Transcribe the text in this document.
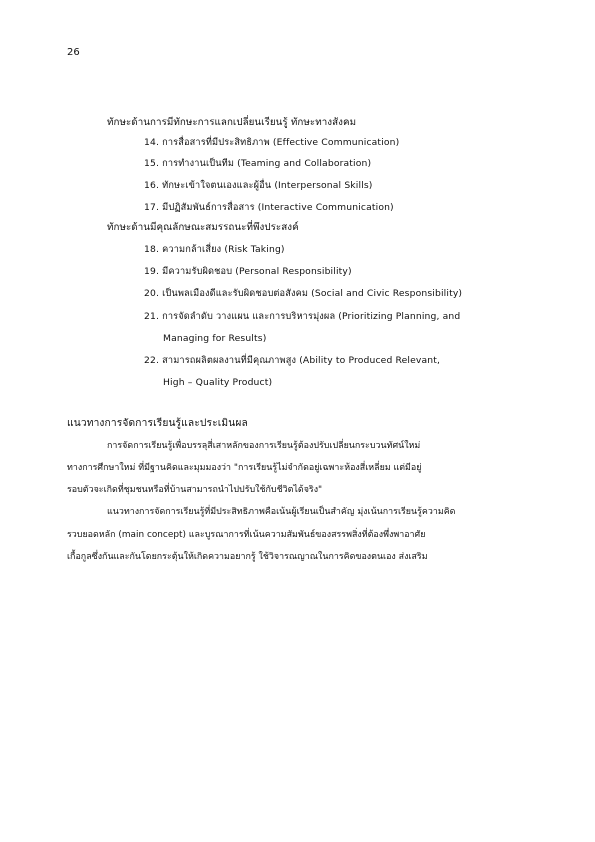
26
ทักษะด้านการมีทักษะการแลกเปลี่ยนเรียนรู้ ทักษะทางสังคม
14. การสื่อสารที่มีประสิทธิภาพ (Effective Communication)
15. การทำงานเป็นทีม (Teaming and Collaboration)
16. ทักษะเข้าใจตนเองและผู้อื่น (Interpersonal Skills)
17. มีปฏิสัมพันธ์การสื่อสาร (Interactive Communication)
ทักษะด้านมีคุณลักษณะสมรรถนะที่พึงประสงค์
18. ความกล้าเสี่ยง (Risk Taking)
19. มีความรับผิดชอบ (Personal Responsibility)
20. เป็นพลเมืองดีและรับผิดชอบต่อสังคม (Social and Civic Responsibility)
21. การจัดลำดับ วางแผน และการบริหารมุ่งผล (Prioritizing Planning, and
Managing for Results)
22. สามารถผลิตผลงานที่มีคุณภาพสูง (Ability to Produced Relevant,
High – Quality Product)
แนวทางการจัดการเรียนรู้และประเมินผล
การจัดการเรียนรู้เพื่อบรรลุสี่เสาหลักของการเรียนรู้ต้องปรับเปลี่ยนกระบวนทัศน์ใหม่
ทางการศึกษาใหม่ ที่มีฐานคิดและมุมมองว่า "การเรียนรู้ไม่จำกัดอยู่เฉพาะห้องสี่เหลี่ยม แต่มีอยู่
รอบตัวจะเกิดที่ชุมชนหรือที่บ้านสามารถนำไปปรับใช้กับชีวิตได้จริง"
แนวทางการจัดการเรียนรู้ที่มีประสิทธิภาพคือเน้นผู้เรียนเป็นสำคัญ มุ่งเน้นการเรียนรู้ความคิด
รวบยอดหลัก (main concept) และบูรณาการที่เน้นความสัมพันธ์ของสรรพสิ่งที่ต้องพึ่งพาอาศัย
เกื้อกูลซึ่งกันและกันโดยกระตุ้นให้เกิดความอยากรู้ ใช้วิจารณญาณในการคิดของตนเอง ส่งเสริม
